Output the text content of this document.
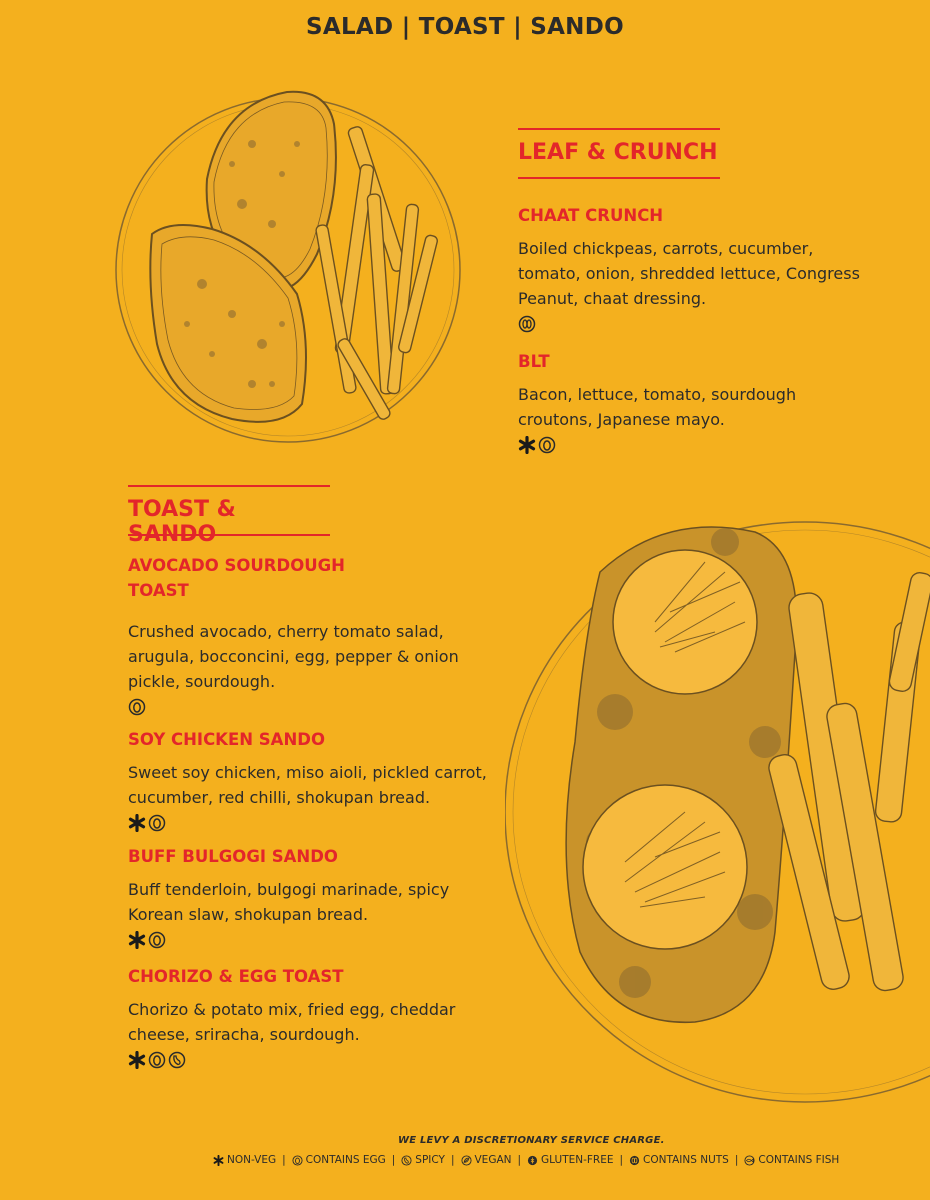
SALAD | TOAST | SANDO
LEAF & CRUNCH
CHAAT CRUNCH
Boiled chickpeas, carrots, cucumber, tomato, onion, shredded lettuce, Congress Peanut, chaat dressing.
BLT
Bacon, lettuce, tomato, sourdough croutons, Japanese mayo.
TOAST & SANDO
AVOCADO SOURDOUGH
TOAST
Crushed avocado, cherry tomato salad, arugula, bocconcini, egg, pepper & onion pickle, sourdough.
SOY CHICKEN SANDO
Sweet soy chicken, miso aioli, pickled carrot, cucumber, red chilli, shokupan bread.
BUFF BULGOGI SANDO
Buff tenderloin, bulgogi marinade, spicy Korean slaw, shokupan bread.
CHORIZO & EGG TOAST
Chorizo & potato mix, fried egg, cheddar cheese, sriracha, sourdough.
WE LEVY A DISCRETIONARY SERVICE CHARGE.
NON-VEG | CONTAINS EGG | SPICY | VEGAN | GLUTEN-FREE | CONTAINS NUTS | CONTAINS FISH
